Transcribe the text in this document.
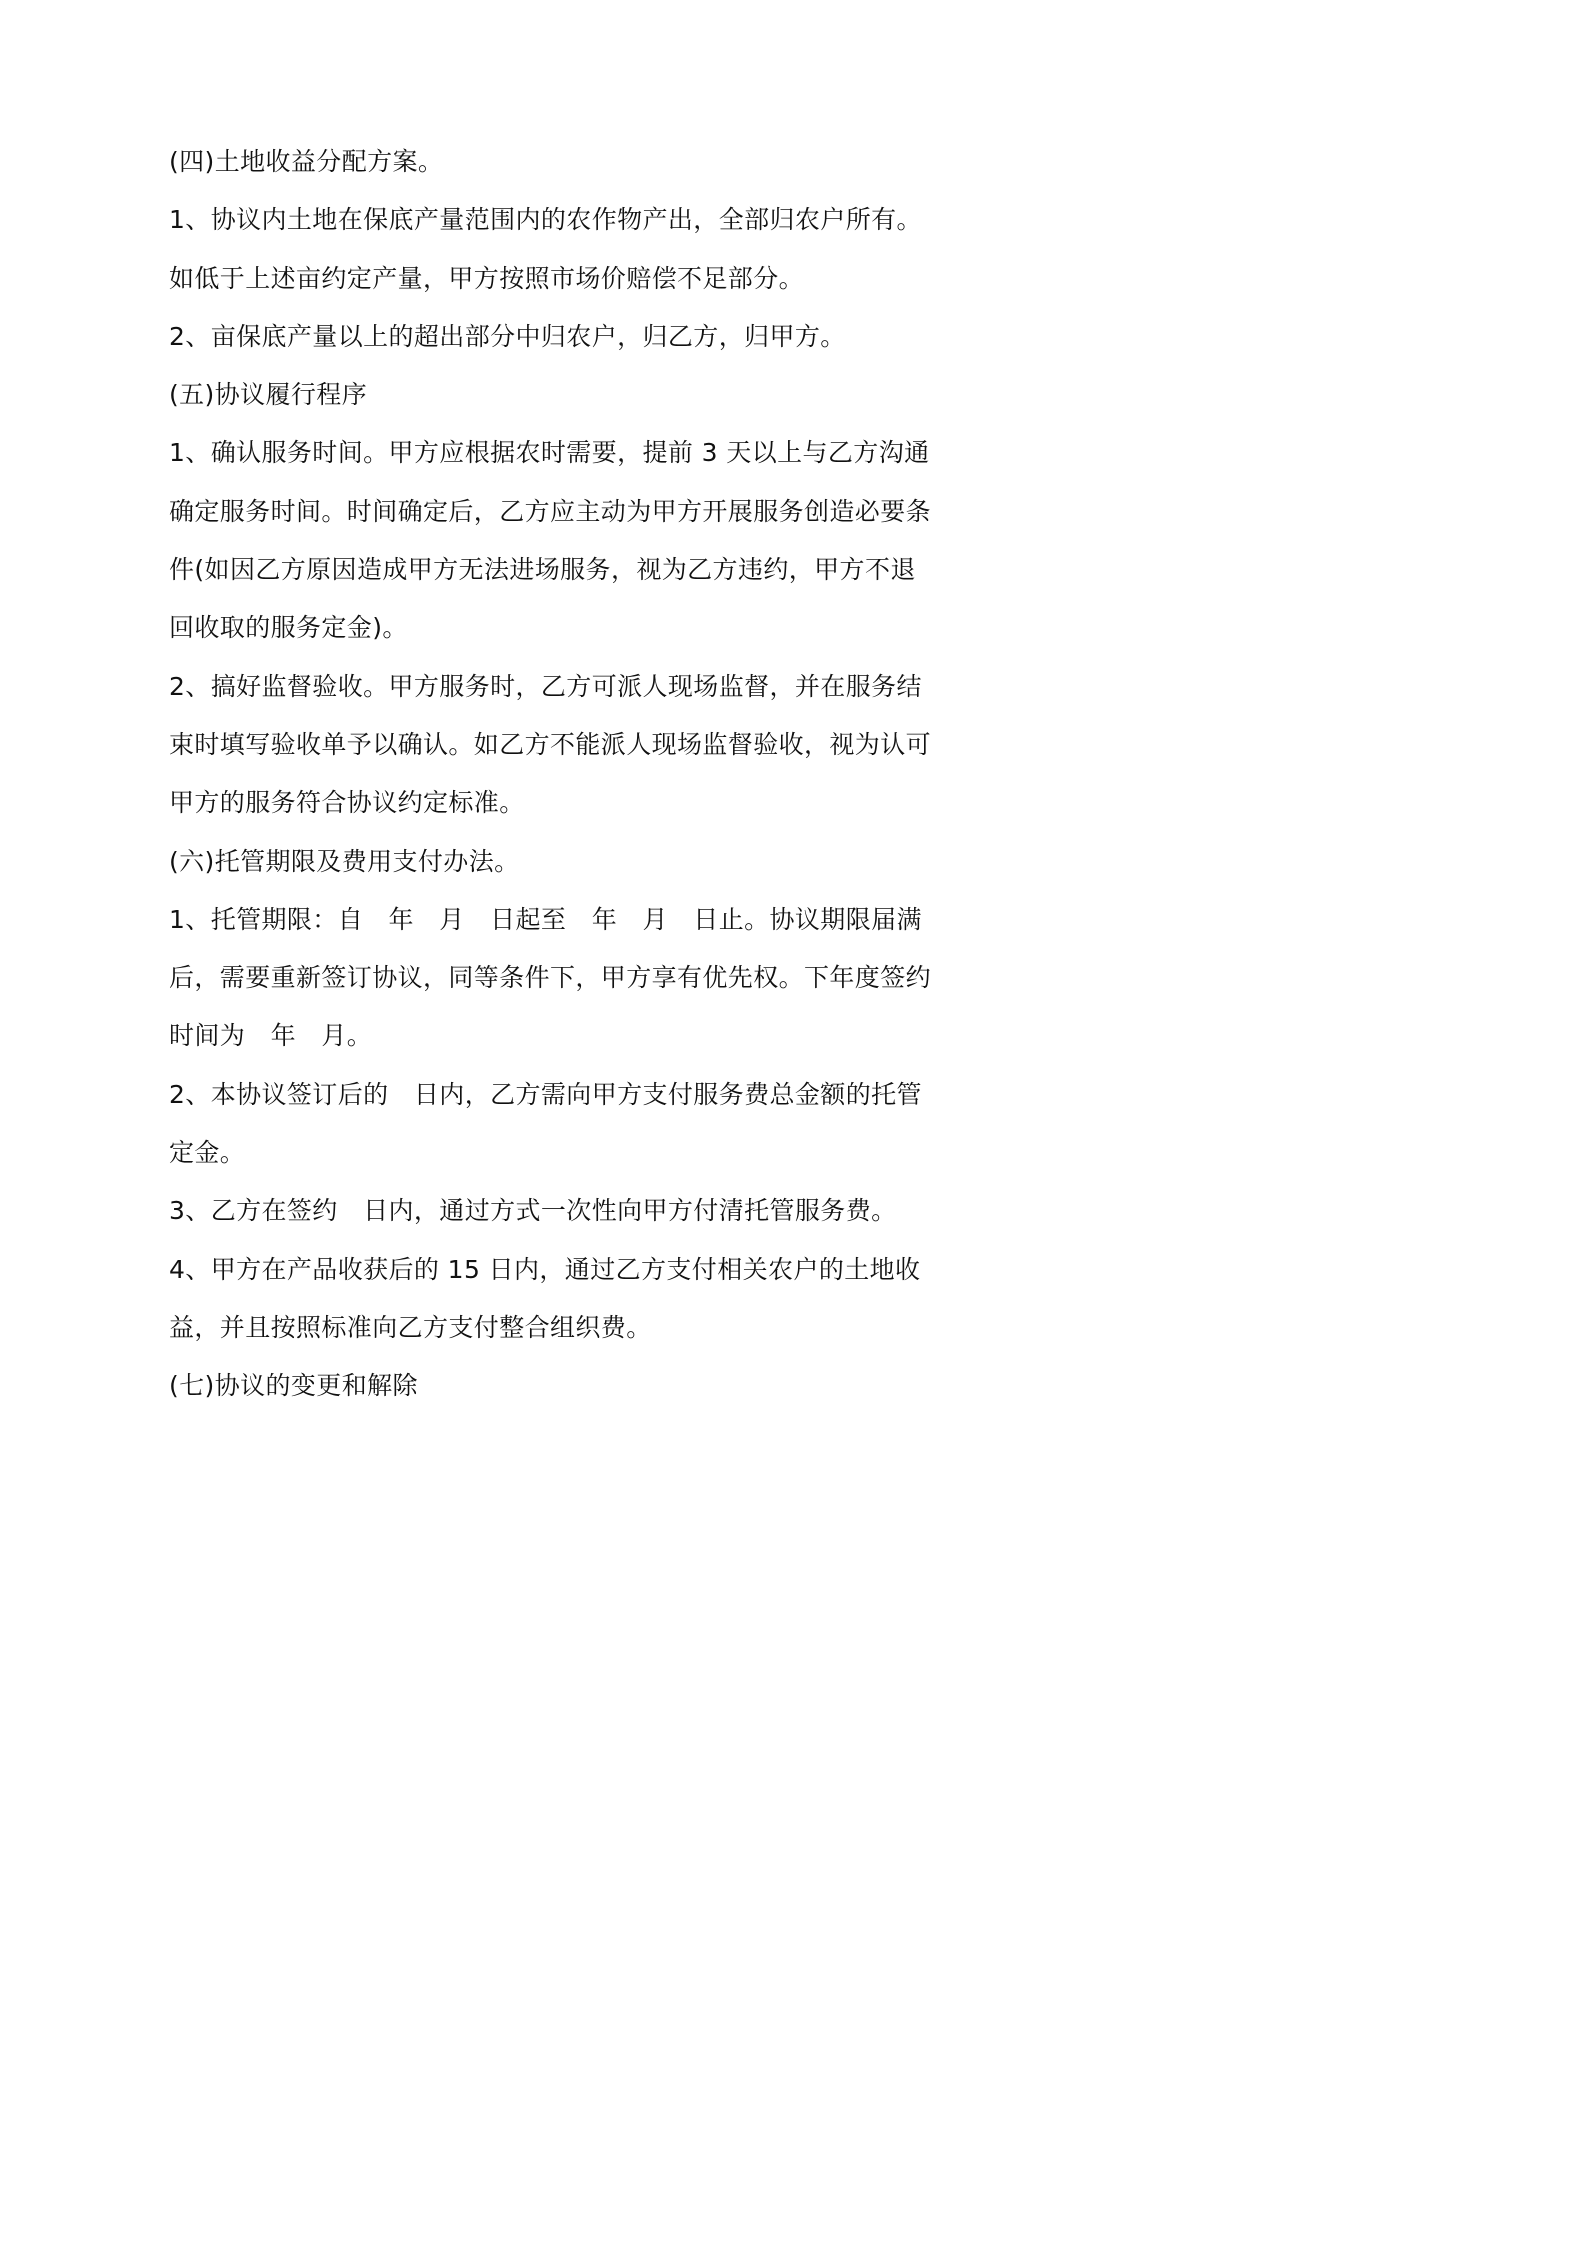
(四)土地收益分配方案。
1、协议内土地在保底产量范围内的农作物产出，全部归农户所有。
如低于上述亩约定产量，甲方按照市场价赔偿不足部分。
2、亩保底产量以上的超出部分中归农户，归乙方，归甲方。
(五)协议履行程序
1、确认服务时间。甲方应根据农时需要，提前 3 天以上与乙方沟通
确定服务时间。时间确定后，乙方应主动为甲方开展服务创造必要条
件(如因乙方原因造成甲方无法进场服务，视为乙方违约，甲方不退
回收取的服务定金)。
2、搞好监督验收。甲方服务时，乙方可派人现场监督，并在服务结
束时填写验收单予以确认。如乙方不能派人现场监督验收，视为认可
甲方的服务符合协议约定标准。
(六)托管期限及费用支付办法。
1、托管期限：自　年　月　日起至　年　月　日止。协议期限届满
后，需要重新签订协议，同等条件下，甲方享有优先权。下年度签约
时间为　年　月。
2、本协议签订后的　日内，乙方需向甲方支付服务费总金额的托管
定金。
3、乙方在签约　日内，通过方式一次性向甲方付清托管服务费。
4、甲方在产品收获后的 15 日内，通过乙方支付相关农户的土地收
益，并且按照标准向乙方支付整合组织费。
(七)协议的变更和解除
